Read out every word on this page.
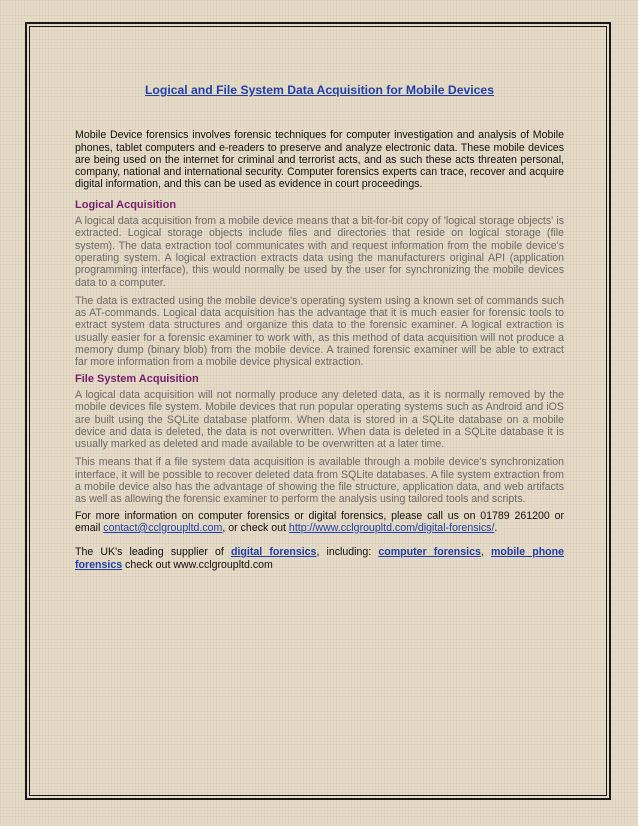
Logical and File System Data Acquisition for Mobile Devices

Mobile Device forensics involves forensic techniques for computer investigation and analysis of Mobile phones, tablet computers and e-readers to preserve and analyze electronic data. These mobile devices are being used on the internet for criminal and terrorist acts, and as such these acts threaten personal, company, national and international security. Computer forensics experts can trace, recover and acquire digital information, and this can be used as evidence in court proceedings.

Logical Acquisition

A logical data acquisition from a mobile device means that a bit-for-bit copy of 'logical storage objects' is extracted. Logical storage objects include files and directories that reside on logical storage (file system). The data extraction tool communicates with and request information from the mobile device's operating system. A logical extraction extracts data using the manufacturers original API (application programming interface), this would normally be used by the user for synchronizing the mobile devices data to a computer.

The data is extracted using the mobile device's operating system using a known set of commands such as AT-commands. Logical data acquisition has the advantage that it is much easier for forensic tools to extract system data structures and organize this data to the forensic examiner. A logical extraction is usually easier for a forensic examiner to work with, as this method of data acquisition will not produce a memory dump (binary blob) from the mobile device. A trained forensic examiner will be able to extract far more information from a mobile device physical extraction.

File System Acquisition

A logical data acquisition will not normally produce any deleted data, as it is normally removed by the mobile devices file system. Mobile devices that run popular operating systems such as Android and iOS are built using the SQLite database platform. When data is stored in a SQLite database on a mobile device and data is deleted, the data is not overwritten. When data is deleted in a SQLite database it is usually marked as deleted and made available to be overwritten at a later time.

This means that if a file system data acquisition is available through a mobile device's synchronization interface, it will be possible to recover deleted data from SQLite databases. A file system extraction from a mobile device also has the advantage of showing the file structure, application data, and web artifacts as well as allowing the forensic examiner to perform the analysis using tailored tools and scripts.

For more information on computer forensics or digital forensics, please call us on 01789 261200 or email contact@cclgroupltd.com, or check out http://www.cclgroupltd.com/digital-forensics/.

The UK's leading supplier of digital forensics, including: computer forensics, mobile phone forensics check out www.cclgroupltd.com
